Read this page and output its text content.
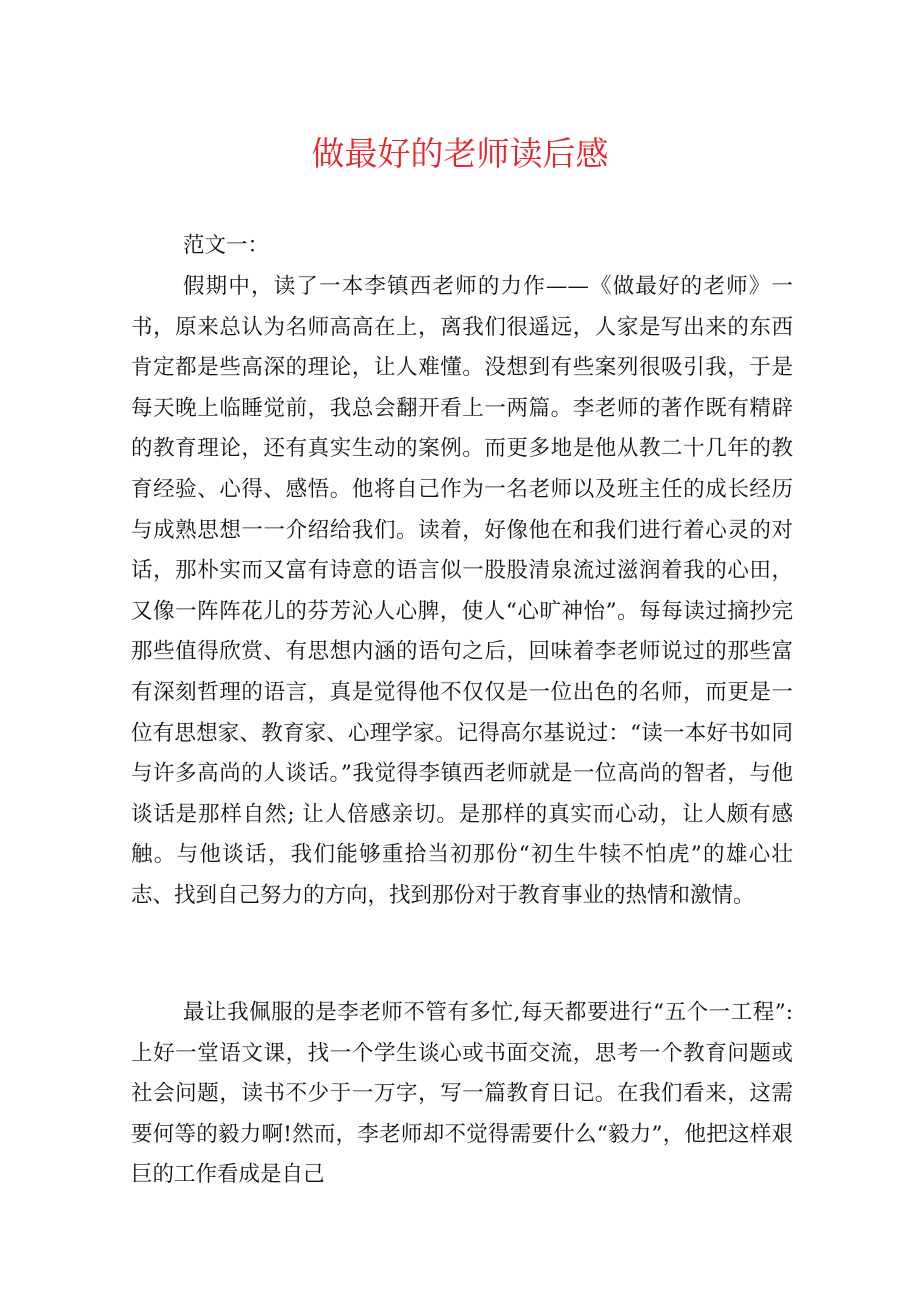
做最好的老师读后感

范文一：

假期中，读了一本李镇西老师的力作——《做最好的老师》一书，原来总认为名师高高在上，离我们很遥远，人家是写出来的东西肯定都是些高深的理论，让人难懂。没想到有些案列很吸引我，于是每天晚上临睡觉前，我总会翻开看上一两篇。李老师的著作既有精辟的教育理论，还有真实生动的案例。而更多地是他从教二十几年的教育经验、心得、感悟。他将自己作为一名老师以及班主任的成长经历与成熟思想一一介绍给我们。读着，好像他在和我们进行着心灵的对话，那朴实而又富有诗意的语言似一股股清泉流过滋润着我的心田，又像一阵阵花儿的芬芳沁人心脾，使人“心旷神怡”。每每读过摘抄完那些值得欣赏、有思想内涵的语句之后，回味着李老师说过的那些富有深刻哲理的语言，真是觉得他不仅仅是一位出色的名师，而更是一位有思想家、教育家、心理学家。记得高尔基说过：“读一本好书如同与许多高尚的人谈话。”我觉得李镇西老师就是一位高尚的智者，与他谈话是那样自然; 让人倍感亲切。是那样的真实而心动，让人颇有感触。与他谈话，我们能够重拾当初那份“初生牛犊不怕虎”的雄心壮志、找到自己努力的方向，找到那份对于教育事业的热情和激情。

最让我佩服的是李老师不管有多忙,每天都要进行“五个一工程”:上好一堂语文课，找一个学生谈心或书面交流，思考一个教育问题或社会问题，读书不少于一万字，写一篇教育日记。在我们看来，这需要何等的毅力啊!然而，李老师却不觉得需要什么“毅力”，他把这样艰巨的工作看成是自己
